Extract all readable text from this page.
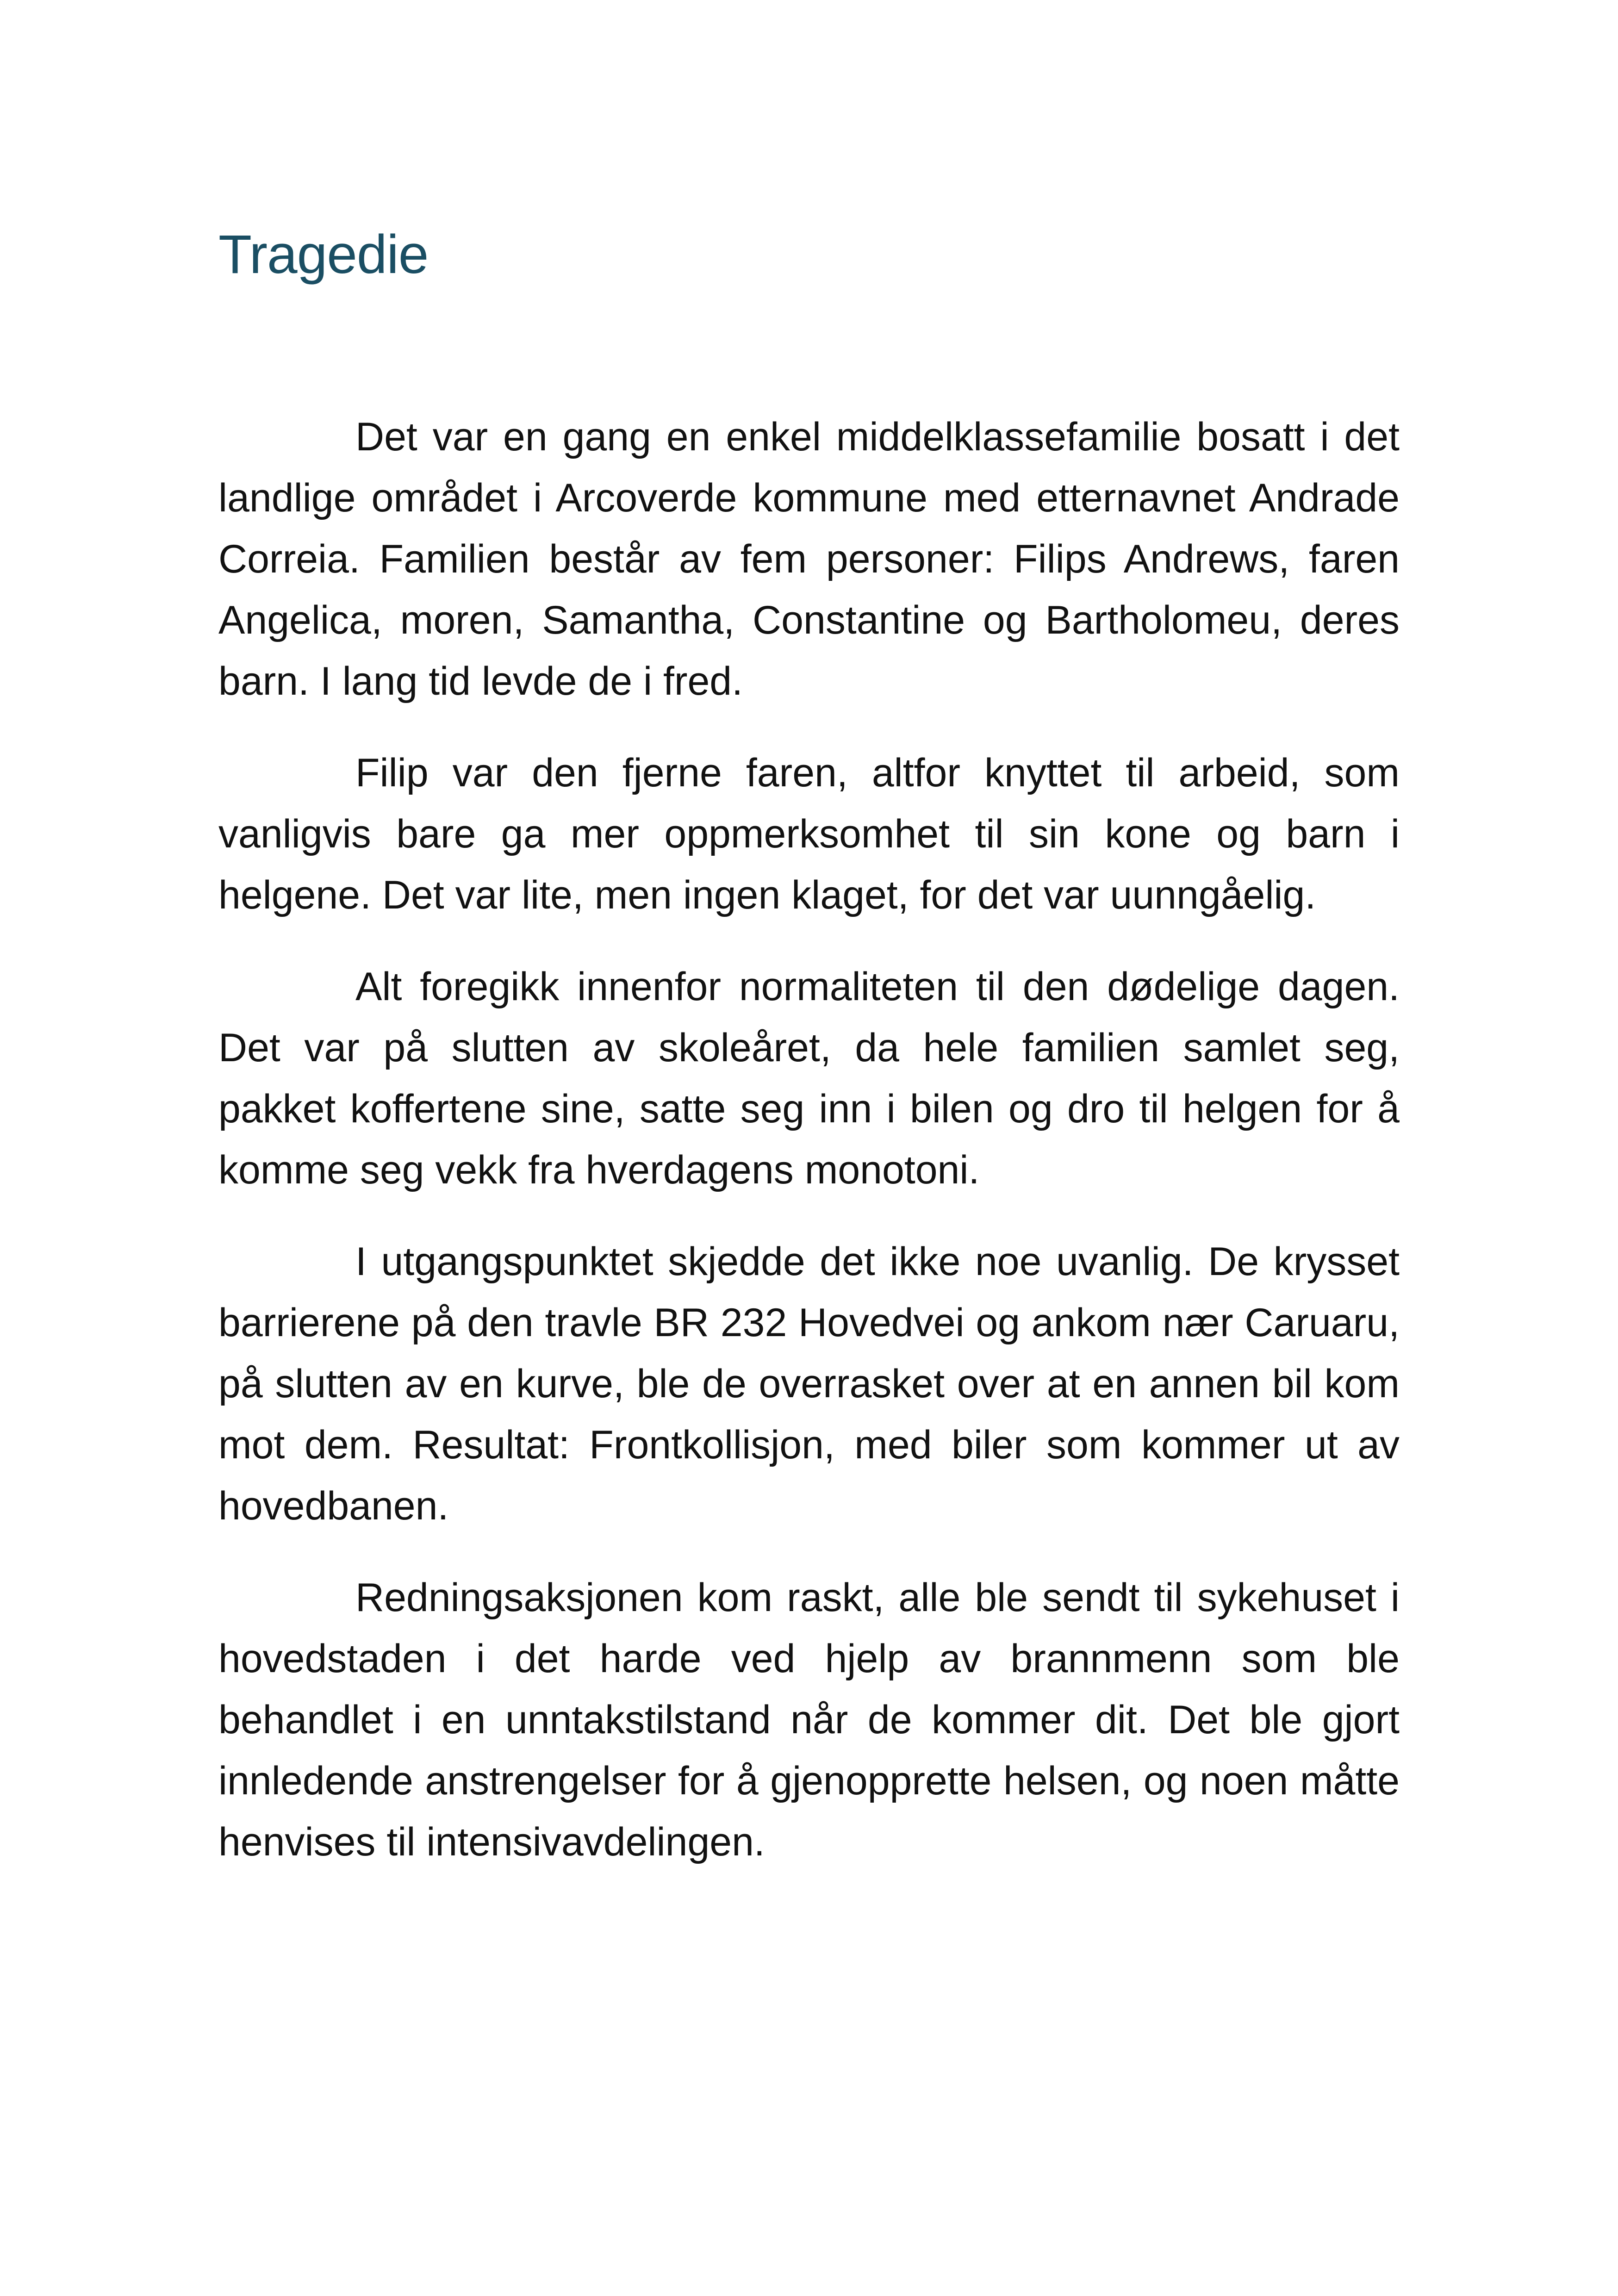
Tragedie

Det var en gang en enkel middelklassefamilie bosatt i det landlige området i Arcoverde kommune med etternavnet Andrade Correia. Familien består av fem personer: Filips Andrews, faren Angelica, moren, Samantha, Constantine og Bartholomeu, deres barn. I lang tid levde de i fred.

Filip var den fjerne faren, altfor knyttet til arbeid, som vanligvis bare ga mer oppmerksomhet til sin kone og barn i helgene. Det var lite, men ingen klaget, for det var uunngåelig.

Alt foregikk innenfor normaliteten til den dødelige dagen. Det var på slutten av skoleåret, da hele familien samlet seg, pakket koffertene sine, satte seg inn i bilen og dro til helgen for å komme seg vekk fra hverdagens monotoni.

I utgangspunktet skjedde det ikke noe uvanlig. De krysset barrierene på den travle BR 232 Hovedvei og ankom nær Caruaru, på slutten av en kurve, ble de overrasket over at en annen bil kom mot dem. Resultat: Frontkollisjon, med biler som kommer ut av hovedbanen.

Redningsaksjonen kom raskt, alle ble sendt til sykehuset i hovedstaden i det harde ved hjelp av brannmenn som ble behandlet i en unntakstilstand når de kommer dit. Det ble gjort innledende anstrengelser for å gjenopprette helsen, og noen måtte henvises til intensivavdelingen.
